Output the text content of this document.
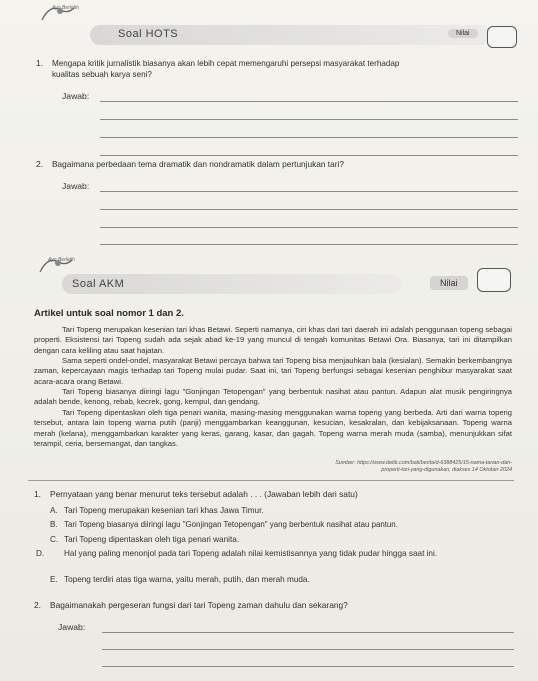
Ayo Berlatih
Soal HOTS	Nilai
1. Mengapa kritik jurnalistik biasanya akan lebih cepat memengaruhi persepsi masyarakat terhadap
kualitas sebuah karya seni?
Jawab:
2. Bagaimana perbedaan tema dramatik dan nondramatik dalam pertunjukan tari?
Jawab:
Ayo Berlatih
Soal AKM	Nilai
Artikel untuk soal nomor 1 dan 2.
Tari Topeng merupakan kesenian tari khas Betawi. Seperti namanya, ciri khas dari tari daerah ini adalah penggunaan topeng sebagai properti. Eksistensi tari Topeng sudah ada sejak abad ke-19 yang muncul di tengah komunitas Betawi Ora. Biasanya, tari ini ditampilkan dengan cara keliling atau saat hajatan.
Sama seperti ondel-ondel, masyarakat Betawi percaya bahwa tari Topeng bisa menjauhkan bala (kesialan). Semakin berkembangnya zaman, kepercayaan magis terhadap tari Topeng mulai pudar. Saat ini, tari Topeng berfungsi sebagai kesenian penghibur masyarakat saat acara-acara orang Betawi.
Tari Topeng biasanya diiringi lagu "Gonjingan Tetopengan" yang berbentuk nasihat atau pantun. Adapun alat musik pengiringnya adalah bende, kenong, rebab, kecrek, gong, kempul, dan gendang.
Tari Topeng dipentaskan oleh tiga penari wanita, masing-masing menggunakan warna topeng yang berbeda. Arti dari warna topeng tersebut, antara lain topeng warna putih (panji) menggambarkan keanggunan, kesucian, kesakralan, dan kebijaksanaan. Topeng warna merah (kelana), menggambarkan karakter yang keras, garang, kasar, dan gagah. Topeng warna merah muda (samba), menunjukkan sifat terampil, ceria, bersemangat, dan tangkas.
Sumber: https://www.detik.com/bali/berita/d-6388425/15-nama-tarian-dan-
properti-tari-yang-digunakan, diakses 14 Oktober 2024
1. Pernyataan yang benar menurut teks tersebut adalah . . . (Jawaban lebih dari satu)
A. Tari Topeng merupakan kesenian tari khas Jawa Timur.
B. Tari Topeng biasanya diiringi lagu "Gonjingan Tetopengan" yang berbentuk nasihat atau pantun.
C. Tari Topeng dipentaskan oleh tiga penari wanita.
D. Hal yang paling menonjol pada tari Topeng adalah nilai kemistisannya yang tidak pudar hingga saat ini.
E. Topeng terdiri atas tiga warna, yaitu merah, putih, dan merah muda.
2. Bagaimanakah pergeseran fungsi dari tari Topeng zaman dahulu dan sekarang?
Jawab:
